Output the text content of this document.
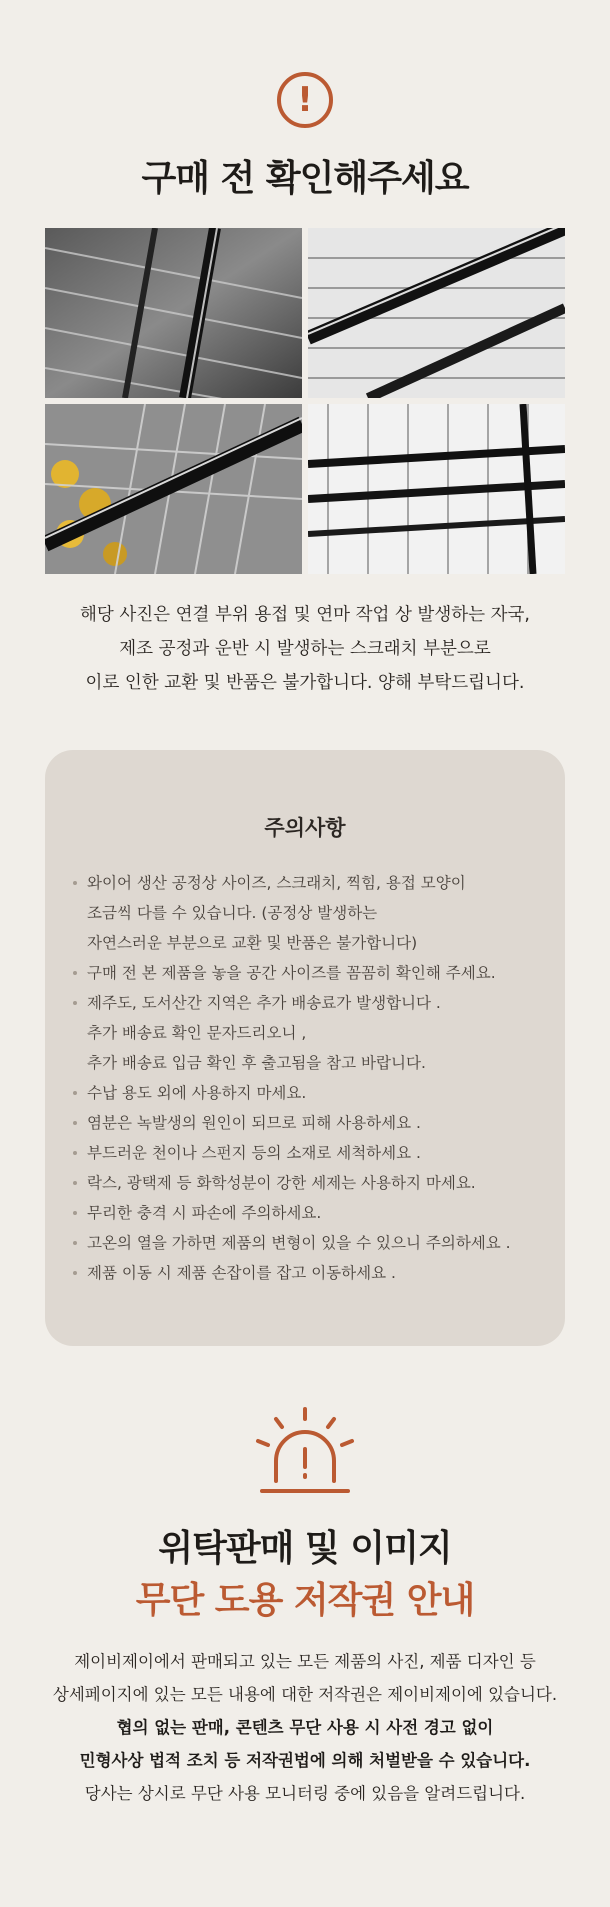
!
구매 전 확인해주세요
해당 사진은 연결 부위 용접 및 연마 작업 상 발생하는 자국,
제조 공정과 운반 시 발생하는 스크래치 부분으로
이로 인한 교환 및 반품은 불가합니다. 양해 부탁드립니다.
주의사항
와이어 생산 공정상 사이즈, 스크래치, 찍힘, 용접 모양이
조금씩 다를 수 있습니다. (공정상 발생하는
자연스러운 부분으로 교환 및 반품은 불가합니다)
구매 전 본 제품을 놓을 공간 사이즈를 꼼꼼히 확인해 주세요.
제주도, 도서산간 지역은 추가 배송료가 발생합니다 .
추가 배송료 확인 문자드리오니 ,
추가 배송료 입금 확인 후 출고됨을 참고 바랍니다.
수납 용도 외에 사용하지 마세요.
염분은 녹발생의 원인이 되므로 피해 사용하세요 .
부드러운 천이나 스펀지 등의 소재로 세척하세요 .
락스, 광택제 등 화학성분이 강한 세제는 사용하지 마세요.
무리한 충격 시 파손에 주의하세요.
고온의 열을 가하면 제품의 변형이 있을 수 있으니 주의하세요 .
제품 이동 시 제품 손잡이를 잡고 이동하세요 .
위탁판매 및 이미지
무단 도용 저작권 안내
제이비제이에서 판매되고 있는 모든 제품의 사진, 제품 디자인 등
상세페이지에 있는 모든 내용에 대한 저작권은 제이비제이에 있습니다.
협의 없는 판매, 콘텐츠 무단 사용 시 사전 경고 없이
민형사상 법적 조치 등 저작권법에 의해 처벌받을 수 있습니다.
당사는 상시로 무단 사용 모니터링 중에 있음을 알려드립니다.
